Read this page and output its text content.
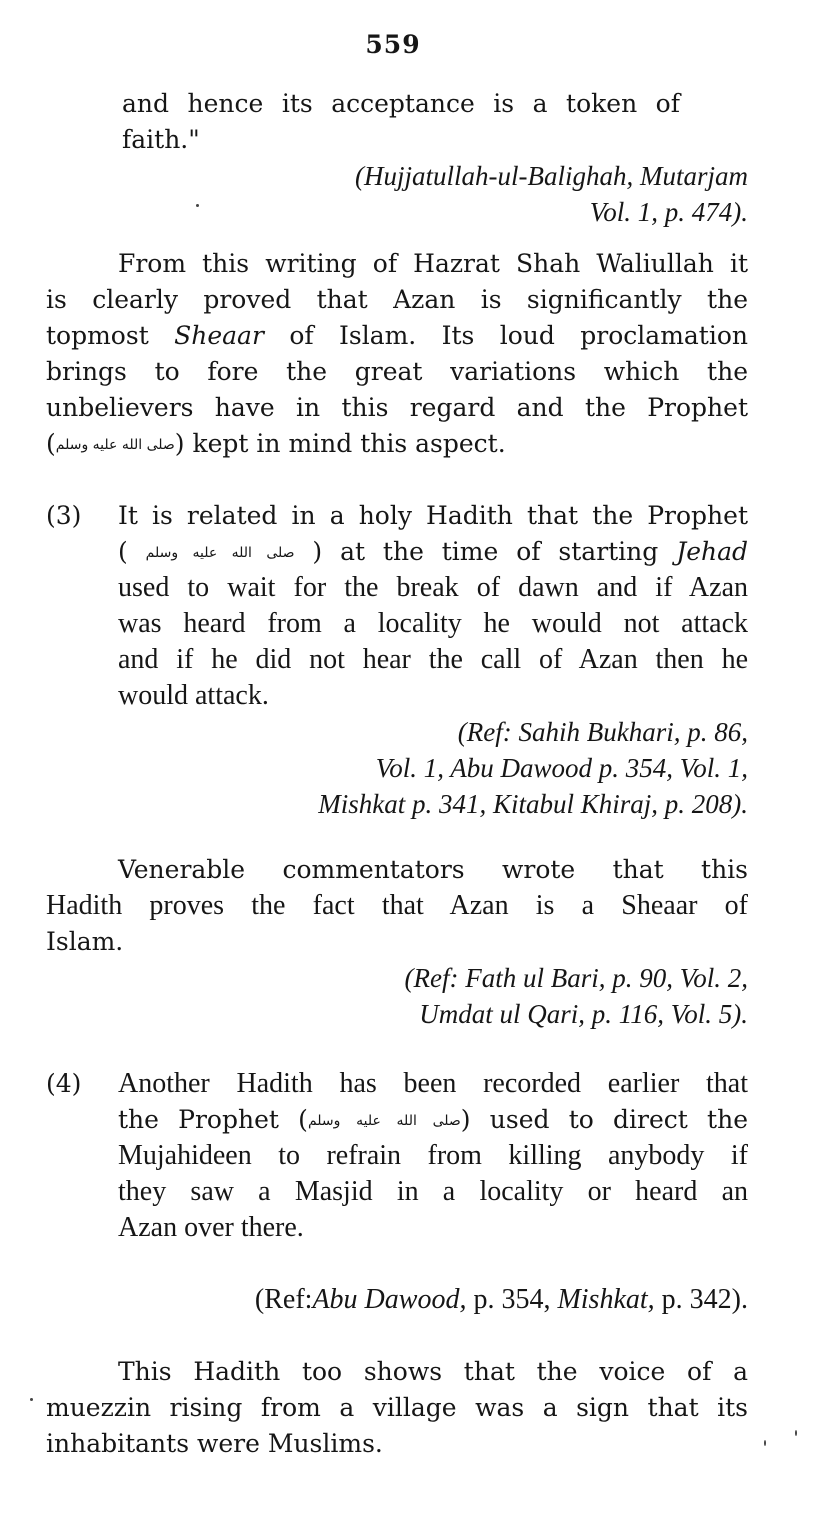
559
and hence its acceptance is a token of
faith."
(Hujjatullah-ul-Balighah, Mutarjam
Vol. 1, p. 474).
From this writing of Hazrat Shah Waliullah it
is clearly proved that Azan is significantly the
topmost Sheaar of Islam. Its loud proclamation
brings to fore the great variations which the
unbelievers have in this regard and the Prophet
(صلى الله عليه وسلم) kept in mind this aspect.
(3) It is related in a holy Hadith that the Prophet
( صلى الله عليه وسلم ) at the time of starting Jehad
used to wait for the break of dawn and if Azan
was heard from a locality he would not attack
and if he did not hear the call of Azan then he
would attack.
(Ref: Sahih Bukhari, p. 86,
Vol. 1, Abu Dawood p. 354, Vol. 1,
Mishkat p. 341, Kitabul Khiraj, p. 208).
Venerable commentators wrote that this
Hadith proves the fact that Azan is a Sheaar of
Islam.
(Ref: Fath ul Bari, p. 90, Vol. 2,
Umdat ul Qari, p. 116, Vol. 5).
(4) Another Hadith has been recorded earlier that
the Prophet (صلى الله عليه وسلم) used to direct the
Mujahideen to refrain from killing anybody if
they saw a Masjid in a locality or heard an
Azan over there.
(Ref:Abu Dawood, p. 354, Mishkat, p. 342).
This Hadith too shows that the voice of a
muezzin rising from a village was a sign that its
inhabitants were Muslims.
